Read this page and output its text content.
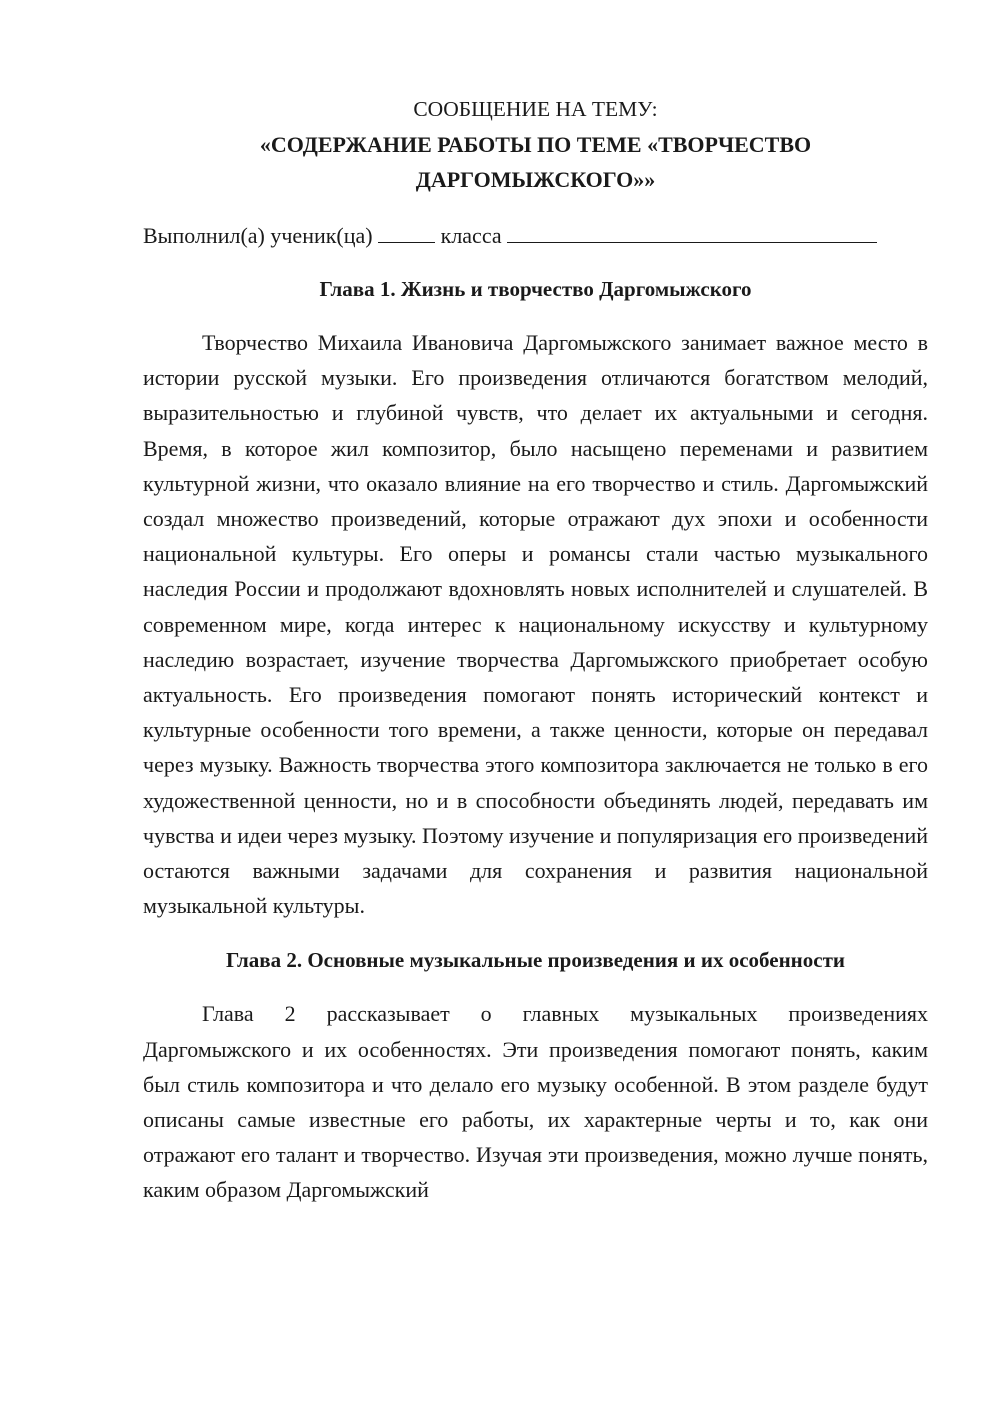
СООБЩЕНИЕ НА ТЕМУ:

«СОДЕРЖАНИЕ РАБОТЫ ПО ТЕМЕ «ТВОРЧЕСТВО ДАРГОМЫЖСКОГО»»

Выполнил(а) ученик(ца)	класса

Глава 1. Жизнь и творчество Даргомыжского

Творчество Михаила Ивановича Даргомыжского занимает важное место в истории русской музыки. Его произведения отличаются богатством мелодий, выразительностью и глубиной чувств, что делает их актуальными и сегодня. Время, в которое жил композитор, было насыщено переменами и развитием культурной жизни, что оказало влияние на его творчество и стиль. Даргомыжский создал множество произведений, которые отражают дух эпохи и особенности национальной культуры. Его оперы и романсы стали частью музыкального наследия России и продолжают вдохновлять новых исполнителей и слушателей. В современном мире, когда интерес к национальному искусству и культурному наследию возрастает, изучение творчества Даргомыжского приобретает особую актуальность. Его произведения помогают понять исторический контекст и культурные особенности того времени, а также ценности, которые он передавал через музыку. Важность творчества этого композитора заключается не только в его художественной ценности, но и в способности объединять людей, передавать им чувства и идеи через музыку. Поэтому изучение и популяризация его произведений остаются важными задачами для сохранения и развития национальной музыкальной культуры.

Глава 2. Основные музыкальные произведения и их особенности

Глава 2 рассказывает о главных музыкальных произведениях Даргомыжского и их особенностях. Эти произведения помогают понять, каким был стиль композитора и что делало его музыку особенной. В этом разделе будут описаны самые известные его работы, их характерные черты и то, как они отражают его талант и творчество. Изучая эти произведения, можно лучше понять, каким образом Даргомыжский
